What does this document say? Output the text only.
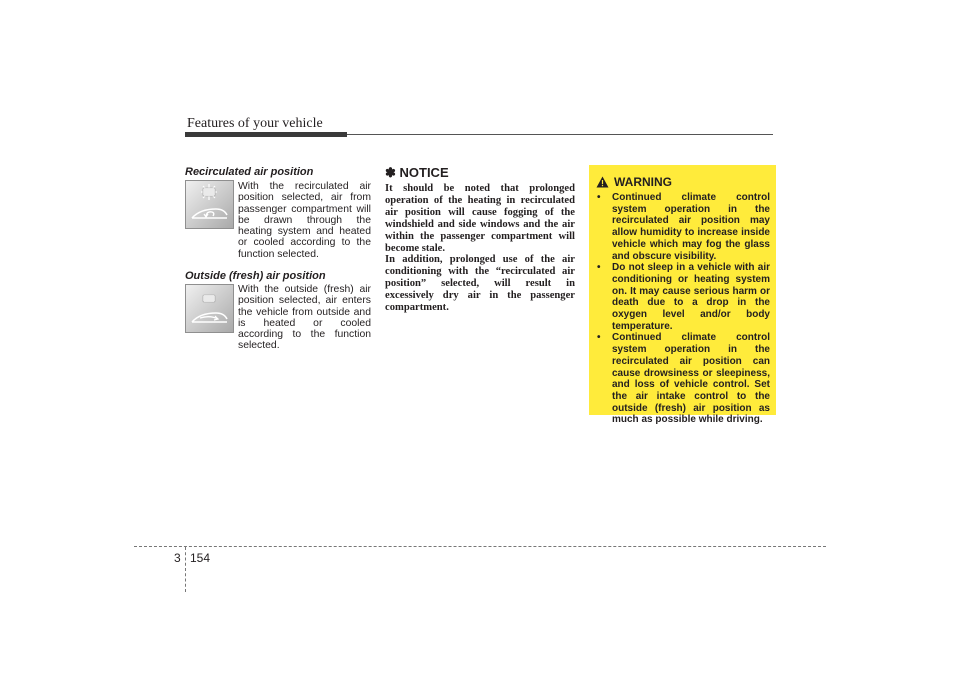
Features of your vehicle
Recirculated air position
With the recirculated air position selected, air from passenger compartment will be drawn through the heating system and heated or cooled according to the function selected.
Outside (fresh) air position
With the outside (fresh) air position selected, air enters the vehicle from outside and is heated or cooled according to the function selected.
✽ NOTICE

It should be noted that prolonged operation of the heating in recirculated air position will cause fogging of the windshield and side windows and the air within the passenger compartment will become stale.

In addition, prolonged use of the air conditioning with the “recirculated air position” selected, will result in excessively dry air in the passenger compartment.

WARNING
• Continued climate control system operation in the recirculated air position may allow humidity to increase inside vehicle which may fog the glass and obscure visibility.
• Do not sleep in a vehicle with air conditioning or heating system on. It may cause serious harm or death due to a drop in the oxygen level and/or body temperature.
• Continued climate control system operation in the recirculated air position can cause drowsiness or sleepiness, and loss of vehicle control. Set the air intake control to the outside (fresh) air position as much as possible while driving.
3 154
